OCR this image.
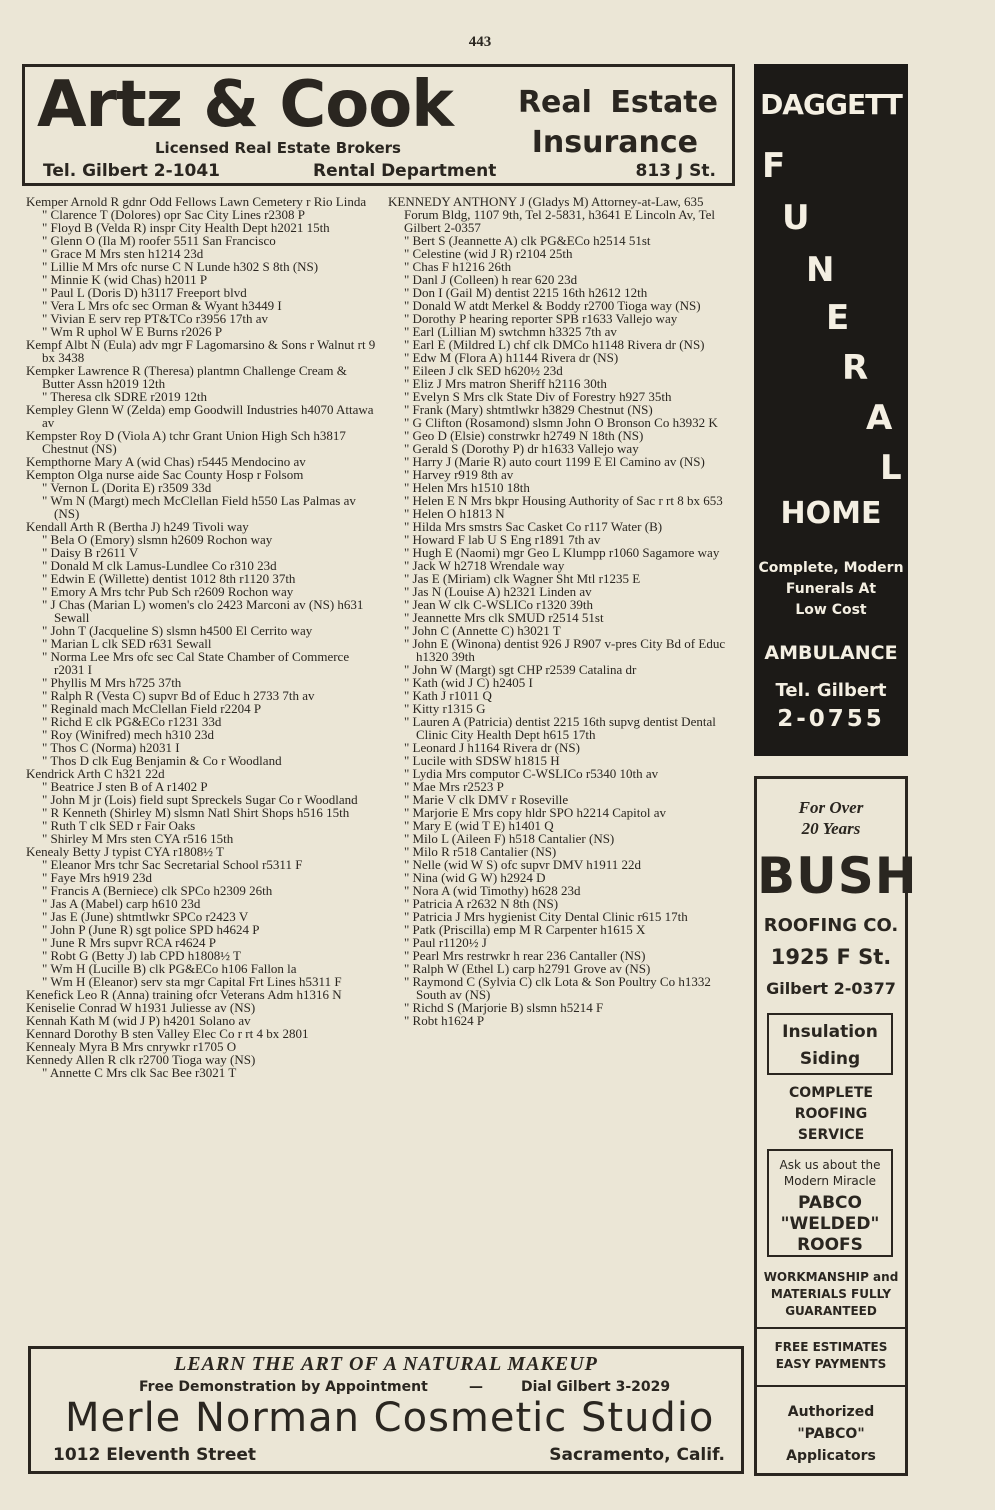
443
Artz & Cook
Licensed Real Estate Brokers
Real Estate
Insurance
Tel. Gilbert 2-1041	Rental Department	813 J St.

Kemper Arnold R gdnr Odd Fellows Lawn Cemetery r Rio Linda

" Clarence T (Dolores) opr Sac City Lines r2308 P

" Floyd B (Velda R) inspr City Health Dept h2021 15th

" Glenn O (Ila M) roofer 5511 San Francisco

" Grace M Mrs sten h1214 23d

" Lillie M Mrs ofc nurse C N Lunde h302 S 8th (NS)

" Minnie K (wid Chas) h2011 P

" Paul L (Doris D) h3117 Freeport blvd

" Vera L Mrs ofc sec Orman & Wyant h3449 I

" Vivian E serv rep PT&TCo r3956 17th av

" Wm R uphol W E Burns r2026 P

Kempf Albt N (Eula) adv mgr F Lagomarsino & Sons r Walnut rt 9 bx 3438

Kempker Lawrence R (Theresa) plantmn Challenge Cream & Butter Assn h2019 12th

" Theresa clk SDRE r2019 12th

Kempley Glenn W (Zelda) emp Goodwill Industries h4070 Attawa av

Kempster Roy D (Viola A) tchr Grant Union High Sch h3817 Chestnut (NS)

Kempthorne Mary A (wid Chas) r5445 Mendocino av

Kempton Olga nurse aide Sac County Hosp r Folsom

" Vernon L (Dorita E) r3509 33d

" Wm N (Margt) mech McClellan Field h550 Las Palmas av (NS)

Kendall Arth R (Bertha J) h249 Tivoli way

" Bela O (Emory) slsmn h2609 Rochon way

" Daisy B r2611 V

" Donald M clk Lamus-Lundlee Co r310 23d

" Edwin E (Willette) dentist 1012 8th r1120 37th

" Emory A Mrs tchr Pub Sch r2609 Rochon way

" J Chas (Marian L) women's clo 2423 Marconi av (NS) h631 Sewall

" John T (Jacqueline S) slsmn h4500 El Cerrito way

" Marian L clk SED r631 Sewall

" Norma Lee Mrs ofc sec Cal State Chamber of Commerce r2031 I

" Phyllis M Mrs h725 37th

" Ralph R (Vesta C) supvr Bd of Educ h 2733 7th av

" Reginald mach McClellan Field r2204 P

" Richd E clk PG&ECo r1231 33d

" Roy (Winifred) mech h310 23d

" Thos C (Norma) h2031 I

" Thos D clk Eug Benjamin & Co r Woodland

Kendrick Arth C h321 22d

" Beatrice J sten B of A r1402 P

" John M jr (Lois) field supt Spreckels Sugar Co r Woodland

" R Kenneth (Shirley M) slsmn Natl Shirt Shops h516 15th

" Ruth T clk SED r Fair Oaks

" Shirley M Mrs sten CYA r516 15th

Kenealy Betty J typist CYA r1808½ T

" Eleanor Mrs tchr Sac Secretarial School r5311 F

" Faye Mrs h919 23d

" Francis A (Berniece) clk SPCo h2309 26th

" Jas A (Mabel) carp h610 23d

" Jas E (June) shtmtlwkr SPCo r2423 V

" John P (June R) sgt police SPD h4624 P

" June R Mrs supvr RCA r4624 P

" Robt G (Betty J) lab CPD h1808½ T

" Wm H (Lucille B) clk PG&ECo h106 Fallon la

" Wm H (Eleanor) serv sta mgr Capital Frt Lines h5311 F

Kenefick Leo R (Anna) training ofcr Veterans Adm h1316 N

Keniselie Conrad W h1931 Juliesse av (NS)

Kennah Kath M (wid J P) h4201 Solano av

Kennard Dorothy B sten Valley Elec Co r rt 4 bx 2801

Kennealy Myra B Mrs cnrywkr r1705 O

Kennedy Allen R clk r2700 Tioga way (NS)

" Annette C Mrs clk Sac Bee r3021 T

KENNEDY ANTHONY J (Gladys M) Attorney-at-Law, 635 Forum Bldg, 1107 9th, Tel 2-5831, h3641 E Lincoln Av, Tel Gilbert 2-0357

" Bert S (Jeannette A) clk PG&ECo h2514 51st

" Celestine (wid J R) r2104 25th

" Chas F h1216 26th

" Danl J (Colleen) h rear 620 23d

" Don I (Gail M) dentist 2215 16th h2612 12th

" Donald W atdt Merkel & Boddy r2700 Tioga way (NS)

" Dorothy P hearing reporter SPB r1633 Vallejo way

" Earl (Lillian M) swtchmn h3325 7th av

" Earl E (Mildred L) chf clk DMCo h1148 Rivera dr (NS)

" Edw M (Flora A) h1144 Rivera dr (NS)

" Eileen J clk SED h620½ 23d

" Eliz J Mrs matron Sheriff h2116 30th

" Evelyn S Mrs clk State Div of Forestry h927 35th

" Frank (Mary) shtmtlwkr h3829 Chestnut (NS)

" G Clifton (Rosamond) slsmn John O Bronson Co h3932 K

" Geo D (Elsie) constrwkr h2749 N 18th (NS)

" Gerald S (Dorothy P) dr h1633 Vallejo way

" Harry J (Marie R) auto court 1199 E El Camino av (NS)

" Harvey r919 8th av

" Helen Mrs h1510 18th

" Helen E N Mrs bkpr Housing Authority of Sac r rt 8 bx 653

" Helen O h1813 N

" Hilda Mrs smstrs Sac Casket Co r117 Water (B)

" Howard F lab U S Eng r1891 7th av

" Hugh E (Naomi) mgr Geo L Klumpp r1060 Sagamore way

" Jack W h2718 Wrendale way

" Jas E (Miriam) clk Wagner Sht Mtl r1235 E

" Jas N (Louise A) h2321 Linden av

" Jean W clk C-WSLICo r1320 39th

" Jeannette Mrs clk SMUD r2514 51st

" John C (Annette C) h3021 T

" John E (Winona) dentist 926 J R907 v-pres City Bd of Educ h1320 39th

" John W (Margt) sgt CHP r2539 Catalina dr

" Kath (wid J C) h2405 I

" Kath J r1011 Q

" Kitty r1315 G

" Lauren A (Patricia) dentist 2215 16th supvg dentist Dental Clinic City Health Dept h615 17th

" Leonard J h1164 Rivera dr (NS)

" Lucile with SDSW h1815 H

" Lydia Mrs computor C-WSLICo r5340 10th av

" Mae Mrs r2523 P

" Marie V clk DMV r Roseville

" Marjorie E Mrs copy hldr SPO h2214 Capitol av

" Mary E (wid T E) h1401 Q

" Milo L (Aileen F) h518 Cantalier (NS)

" Milo R r518 Cantalier (NS)

" Nelle (wid W S) ofc supvr DMV h1911 22d

" Nina (wid G W) h2924 D

" Nora A (wid Timothy) h628 23d

" Patricia A r2632 N 8th (NS)

" Patricia J Mrs hygienist City Dental Clinic r615 17th

" Patk (Priscilla) emp M R Carpenter h1615 X

" Paul r1120½ J

" Pearl Mrs restrwkr h rear 236 Cantaller (NS)

" Ralph W (Ethel L) carp h2791 Grove av (NS)

" Raymond C (Sylvia C) clk Lota & Son Poultry Co h1332 South av (NS)

" Richd S (Marjorie B) slsmn h5214 F

" Robt h1624 P

DAGGETT
F
U
N
E
R
A
L
HOME
Complete, Modern
Funerals At
Low Cost
AMBULANCE
Tel. Gilbert
2-0755
For Over
20 Years
BUSH
ROOFING CO.
1925 F St.
Gilbert 2-0377
Insulation
Siding
COMPLETE
ROOFING
SERVICE
Ask us about the
Modern Miracle
PABCO
"WELDED"
ROOFS
WORKMANSHIP and
MATERIALS FULLY
GUARANTEED
FREE ESTIMATES
EASY PAYMENTS
Authorized
"PABCO"
Applicators
LEARN THE ART OF A NATURAL MAKEUP
Free Demonstration by Appointment	—	Dial Gilbert 3-2029
Merle Norman Cosmetic Studio
1012 Eleventh Street	Sacramento, Calif.
